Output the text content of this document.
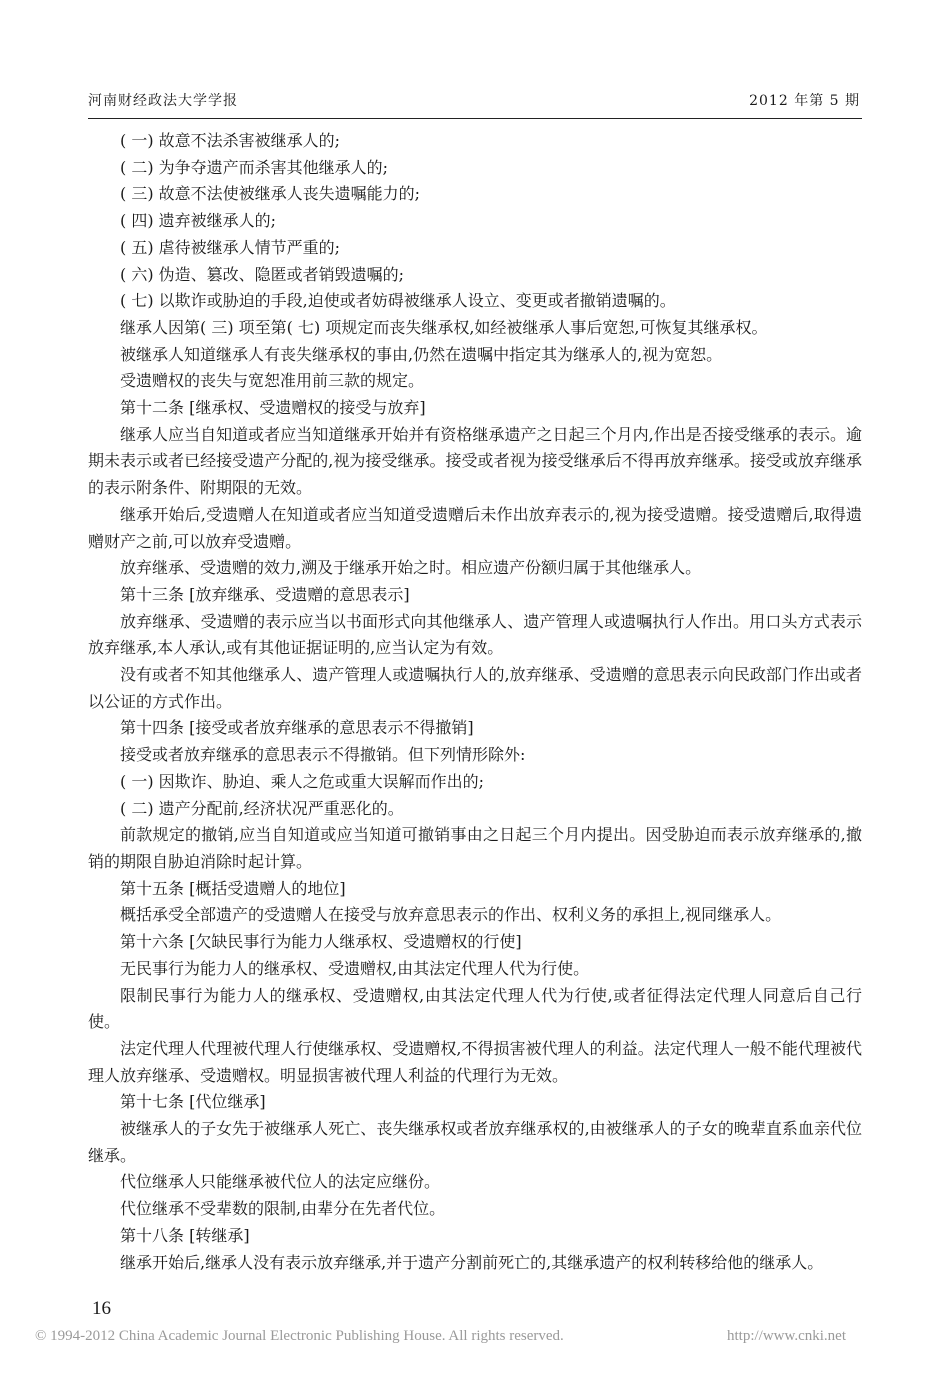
河南财经政法大学学报	2012 年第 5 期

( 一) 故意不法杀害被继承人的;

( 二) 为争夺遗产而杀害其他继承人的;

( 三) 故意不法使被继承人丧失遗嘱能力的;

( 四) 遗弃被继承人的;

( 五) 虐待被继承人情节严重的;

( 六) 伪造、篡改、隐匿或者销毁遗嘱的;

( 七) 以欺诈或胁迫的手段,迫使或者妨碍被继承人设立、变更或者撤销遗嘱的。

继承人因第( 三) 项至第( 七) 项规定而丧失继承权,如经被继承人事后宽恕,可恢复其继承权。

被继承人知道继承人有丧失继承权的事由,仍然在遗嘱中指定其为继承人的,视为宽恕。

受遗赠权的丧失与宽恕准用前三款的规定。

第十二条 [继承权、受遗赠权的接受与放弃]

继承人应当自知道或者应当知道继承开始并有资格继承遗产之日起三个月内,作出是否接受继承的表示。逾期未表示或者已经接受遗产分配的,视为接受继承。接受或者视为接受继承后不得再放弃继承。接受或放弃继承的表示附条件、附期限的无效。

继承开始后,受遗赠人在知道或者应当知道受遗赠后未作出放弃表示的,视为接受遗赠。接受遗赠后,取得遗赠财产之前,可以放弃受遗赠。

放弃继承、受遗赠的效力,溯及于继承开始之时。相应遗产份额归属于其他继承人。

第十三条 [放弃继承、受遗赠的意思表示]

放弃继承、受遗赠的表示应当以书面形式向其他继承人、遗产管理人或遗嘱执行人作出。用口头方式表示放弃继承,本人承认,或有其他证据证明的,应当认定为有效。

没有或者不知其他继承人、遗产管理人或遗嘱执行人的,放弃继承、受遗赠的意思表示向民政部门作出或者以公证的方式作出。

第十四条 [接受或者放弃继承的意思表示不得撤销]

接受或者放弃继承的意思表示不得撤销。但下列情形除外:

( 一) 因欺诈、胁迫、乘人之危或重大误解而作出的;

( 二) 遗产分配前,经济状况严重恶化的。

前款规定的撤销,应当自知道或应当知道可撤销事由之日起三个月内提出。因受胁迫而表示放弃继承的,撤销的期限自胁迫消除时起计算。

第十五条 [概括受遗赠人的地位]

概括承受全部遗产的受遗赠人在接受与放弃意思表示的作出、权利义务的承担上,视同继承人。

第十六条 [欠缺民事行为能力人继承权、受遗赠权的行使]

无民事行为能力人的继承权、受遗赠权,由其法定代理人代为行使。

限制民事行为能力人的继承权、受遗赠权,由其法定代理人代为行使,或者征得法定代理人同意后自己行使。

法定代理人代理被代理人行使继承权、受遗赠权,不得损害被代理人的利益。法定代理人一般不能代理被代理人放弃继承、受遗赠权。明显损害被代理人利益的代理行为无效。

第十七条 [代位继承]

被继承人的子女先于被继承人死亡、丧失继承权或者放弃继承权的,由被继承人的子女的晚辈直系血亲代位继承。

代位继承人只能继承被代位人的法定应继份。

代位继承不受辈数的限制,由辈分在先者代位。

第十八条 [转继承]

继承开始后,继承人没有表示放弃继承,并于遗产分割前死亡的,其继承遗产的权利转移给他的继承人。

16
© 1994-2012 China Academic Journal Electronic Publishing House. All rights reserved.	http://www.cnki.net
